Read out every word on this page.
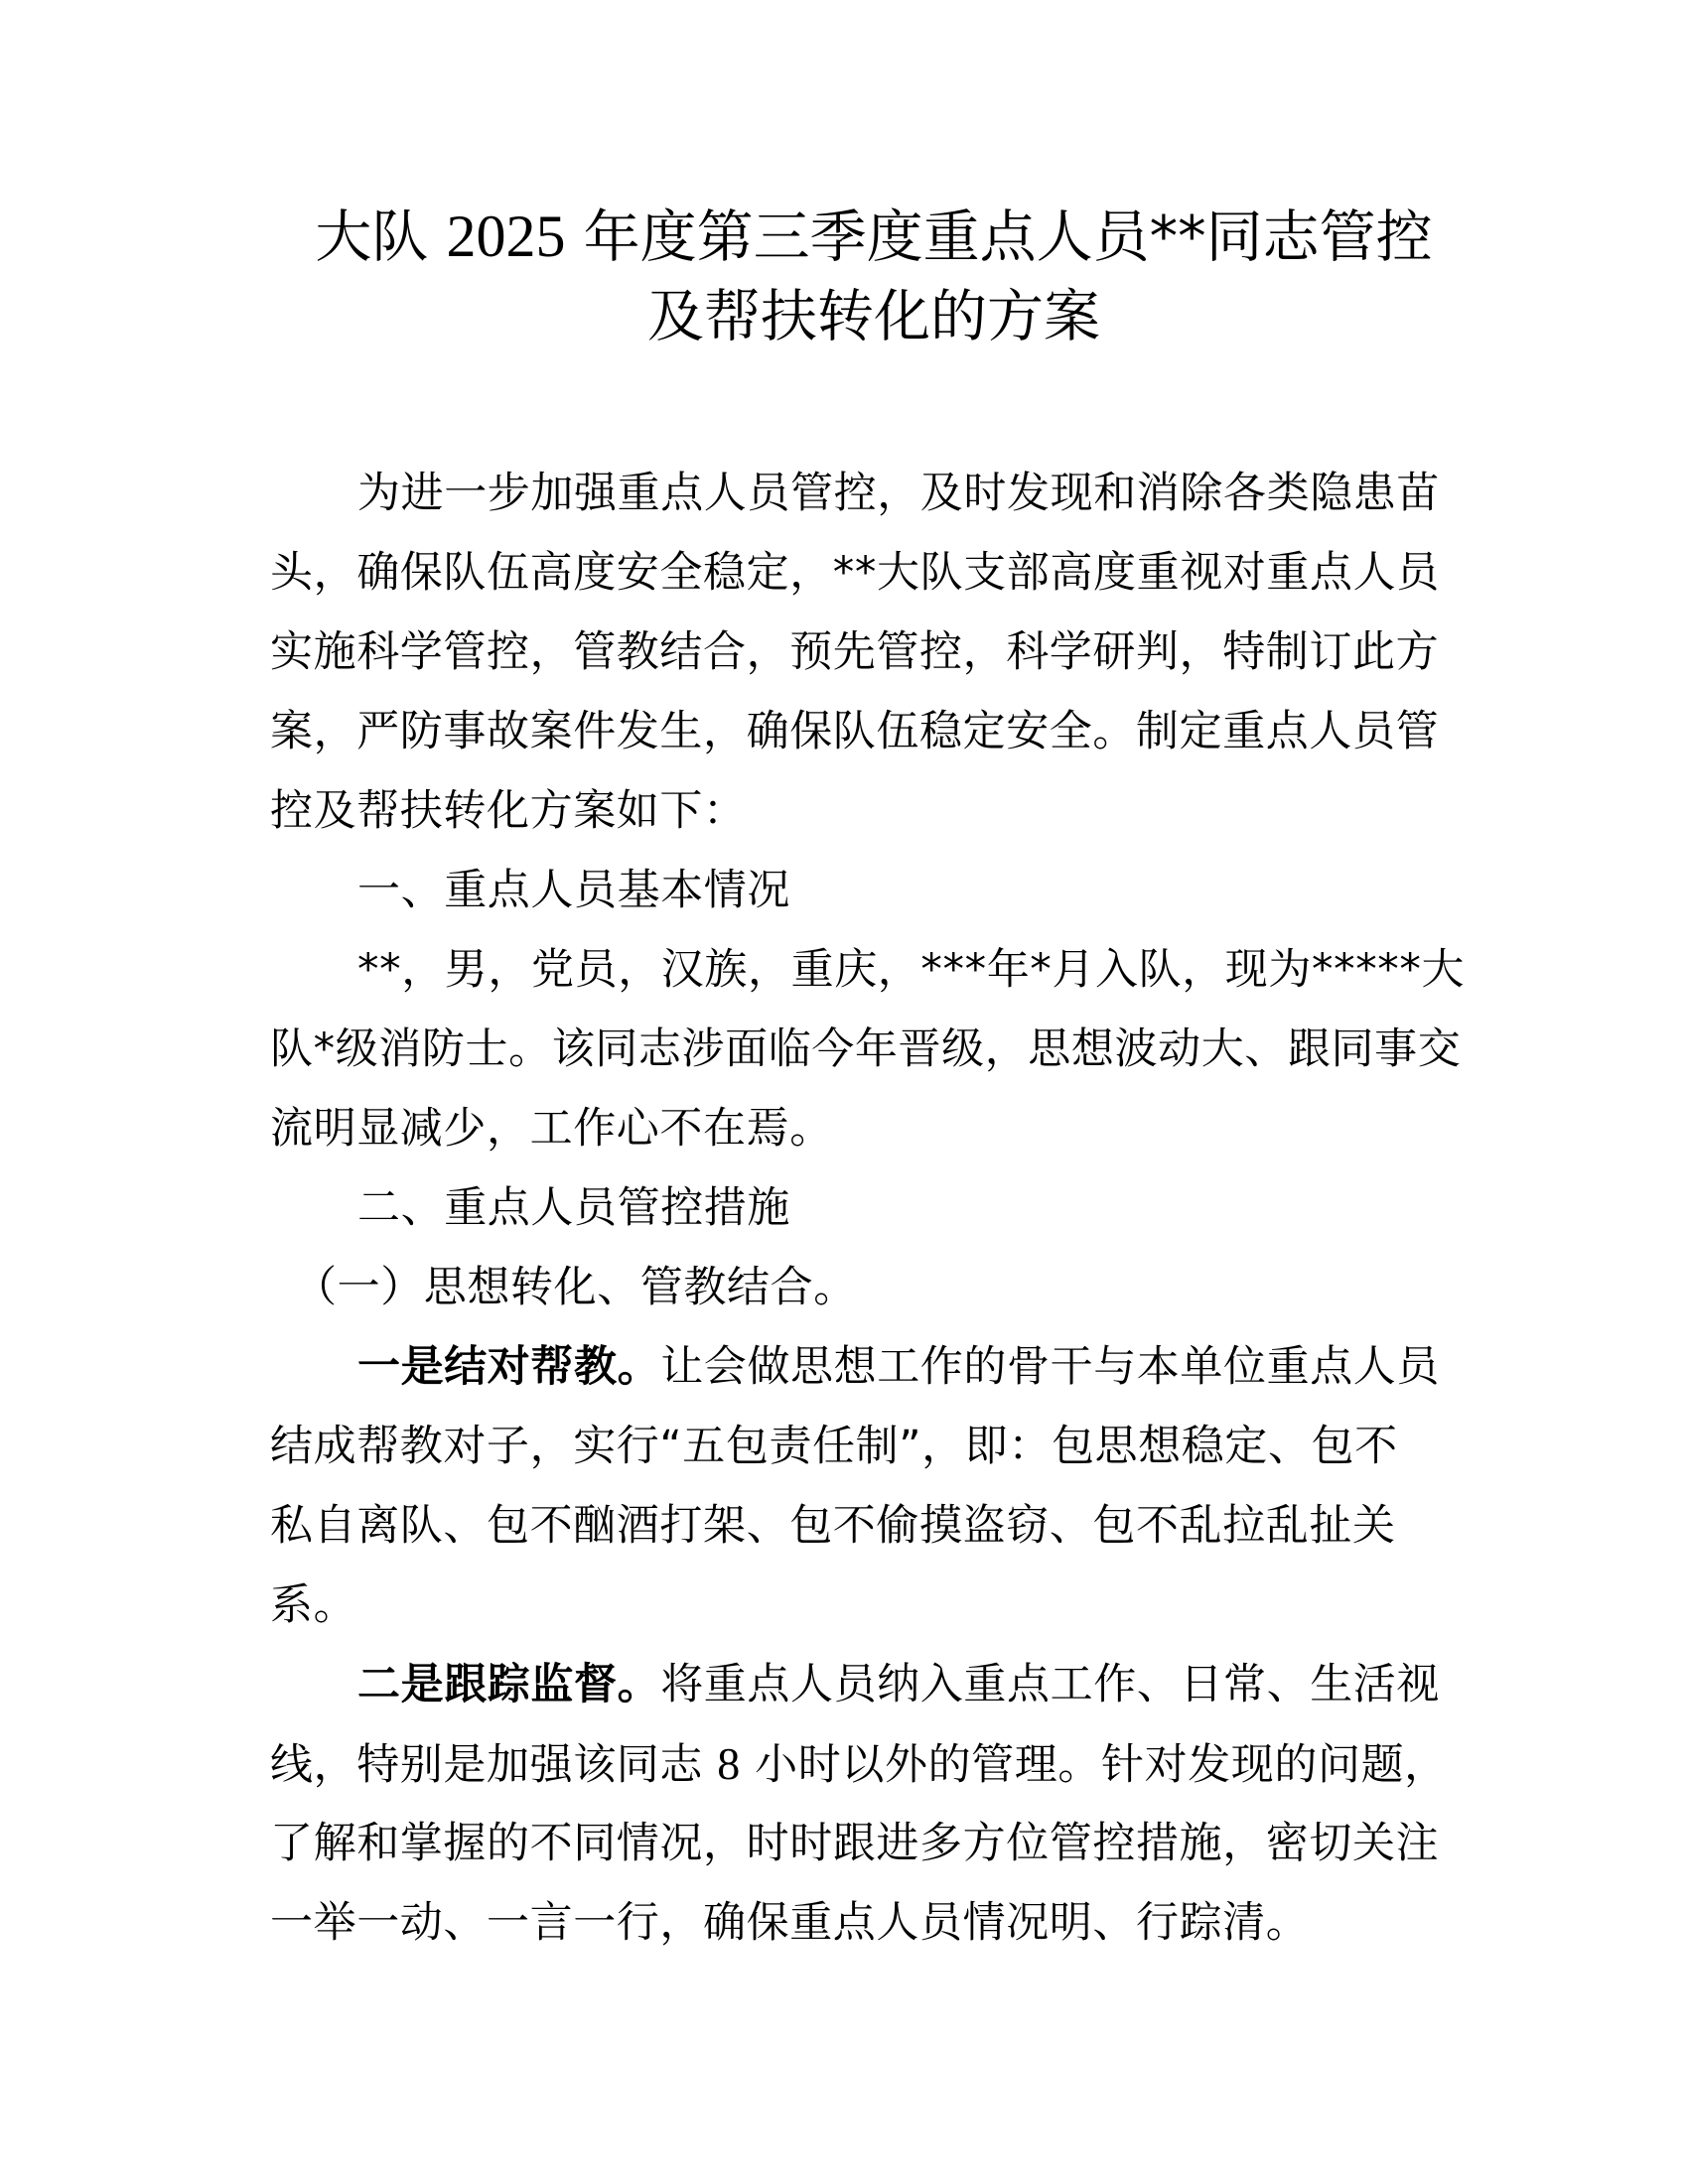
大队 2025 年度第三季度重点人员**同志管控
及帮扶转化的方案
为进一步加强重点人员管控，及时发现和消除各类隐患苗
头，确保队伍高度安全稳定，**大队支部高度重视对重点人员
实施科学管控，管教结合，预先管控，科学研判，特制订此方
案，严防事故案件发生，确保队伍稳定安全。制定重点人员管
控及帮扶转化方案如下：
一、重点人员基本情况
**，男，党员，汉族，重庆，***年*月入队，现为*****大
队*级消防士。该同志涉面临今年晋级，思想波动大、跟同事交
流明显减少，工作心不在焉。
二、重点人员管控措施
（一）思想转化、管教结合。
一是结对帮教。让会做思想工作的骨干与本单位重点人员
结成帮教对子，实行“五包责任制”，即：包思想稳定、包不
私自离队、包不酗酒打架、包不偷摸盗窃、包不乱拉乱扯关
系。
二是跟踪监督。将重点人员纳入重点工作、日常、生活视
线，特别是加强该同志 8 小时以外的管理。针对发现的问题，
了解和掌握的不同情况，时时跟进多方位管控措施，密切关注
一举一动、一言一行，确保重点人员情况明、行踪清。
